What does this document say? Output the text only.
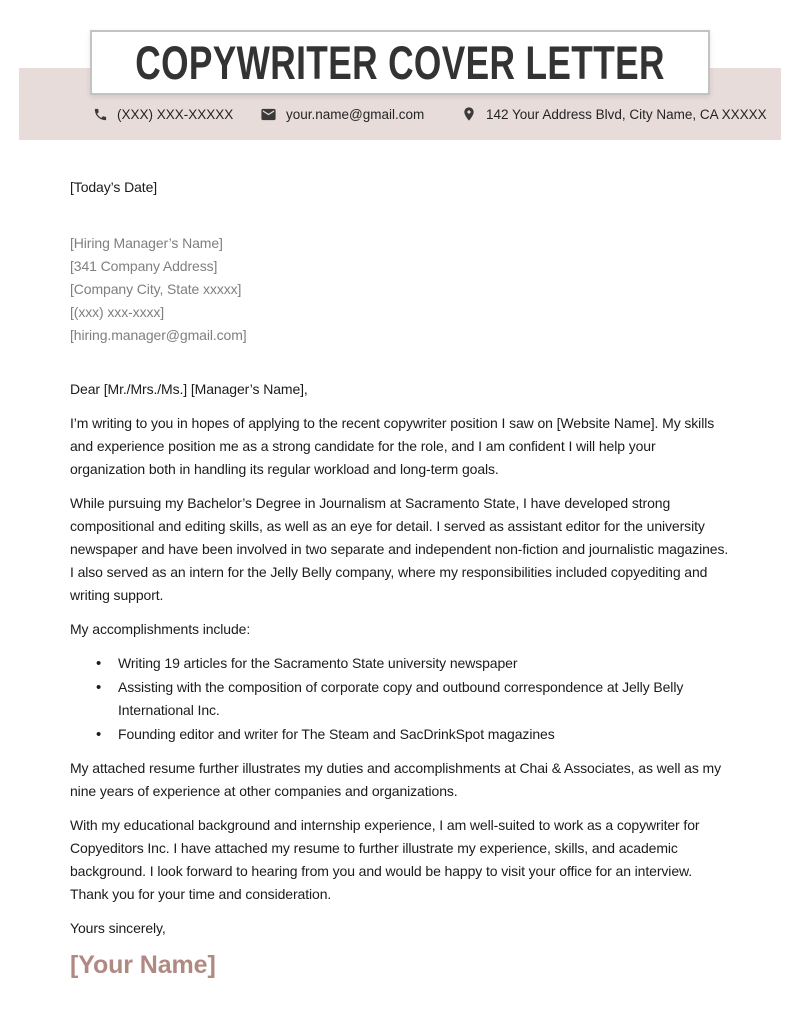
(XXX) XXX-XXXXX	your.name@gmail.com	142 Your Address Blvd, City Name, CA XXXXX
COPYWRITER COVER LETTER

[Today’s Date]

[Hiring Manager’s Name]

[341 Company Address]

[Company City, State xxxxx]

[(xxx) xxx-xxxx]

[hiring.manager@gmail.com]

Dear [Mr./Mrs./Ms.] [Manager’s Name],

I’m writing to you in hopes of applying to the recent copywriter position I saw on [Website Name]. My skills and experience position me as a strong candidate for the role, and I am confident I will help your organization both in handling its regular workload and long-term goals.

While pursuing my Bachelor’s Degree in Journalism at Sacramento State, I have developed strong compositional and editing skills, as well as an eye for detail. I served as assistant editor for the university newspaper and have been involved in two separate and independent non-fiction and journalistic magazines. I also served as an intern for the Jelly Belly company, where my responsibilities included copyediting and writing support.

My accomplishments include:

• Writing 19 articles for the Sacramento State university newspaper
• Assisting with the composition of corporate copy and outbound correspondence at Jelly Belly International Inc.
• Founding editor and writer for The Steam and SacDrinkSpot magazines

My attached resume further illustrates my duties and accomplishments at Chai & Associates, as well as my nine years of experience at other companies and organizations.

With my educational background and internship experience, I am well-suited to work as a copywriter for Copyeditors Inc. I have attached my resume to further illustrate my experience, skills, and academic background. I look forward to hearing from you and would be happy to visit your office for an interview. Thank you for your time and consideration.

Yours sincerely,

[Your Name]
